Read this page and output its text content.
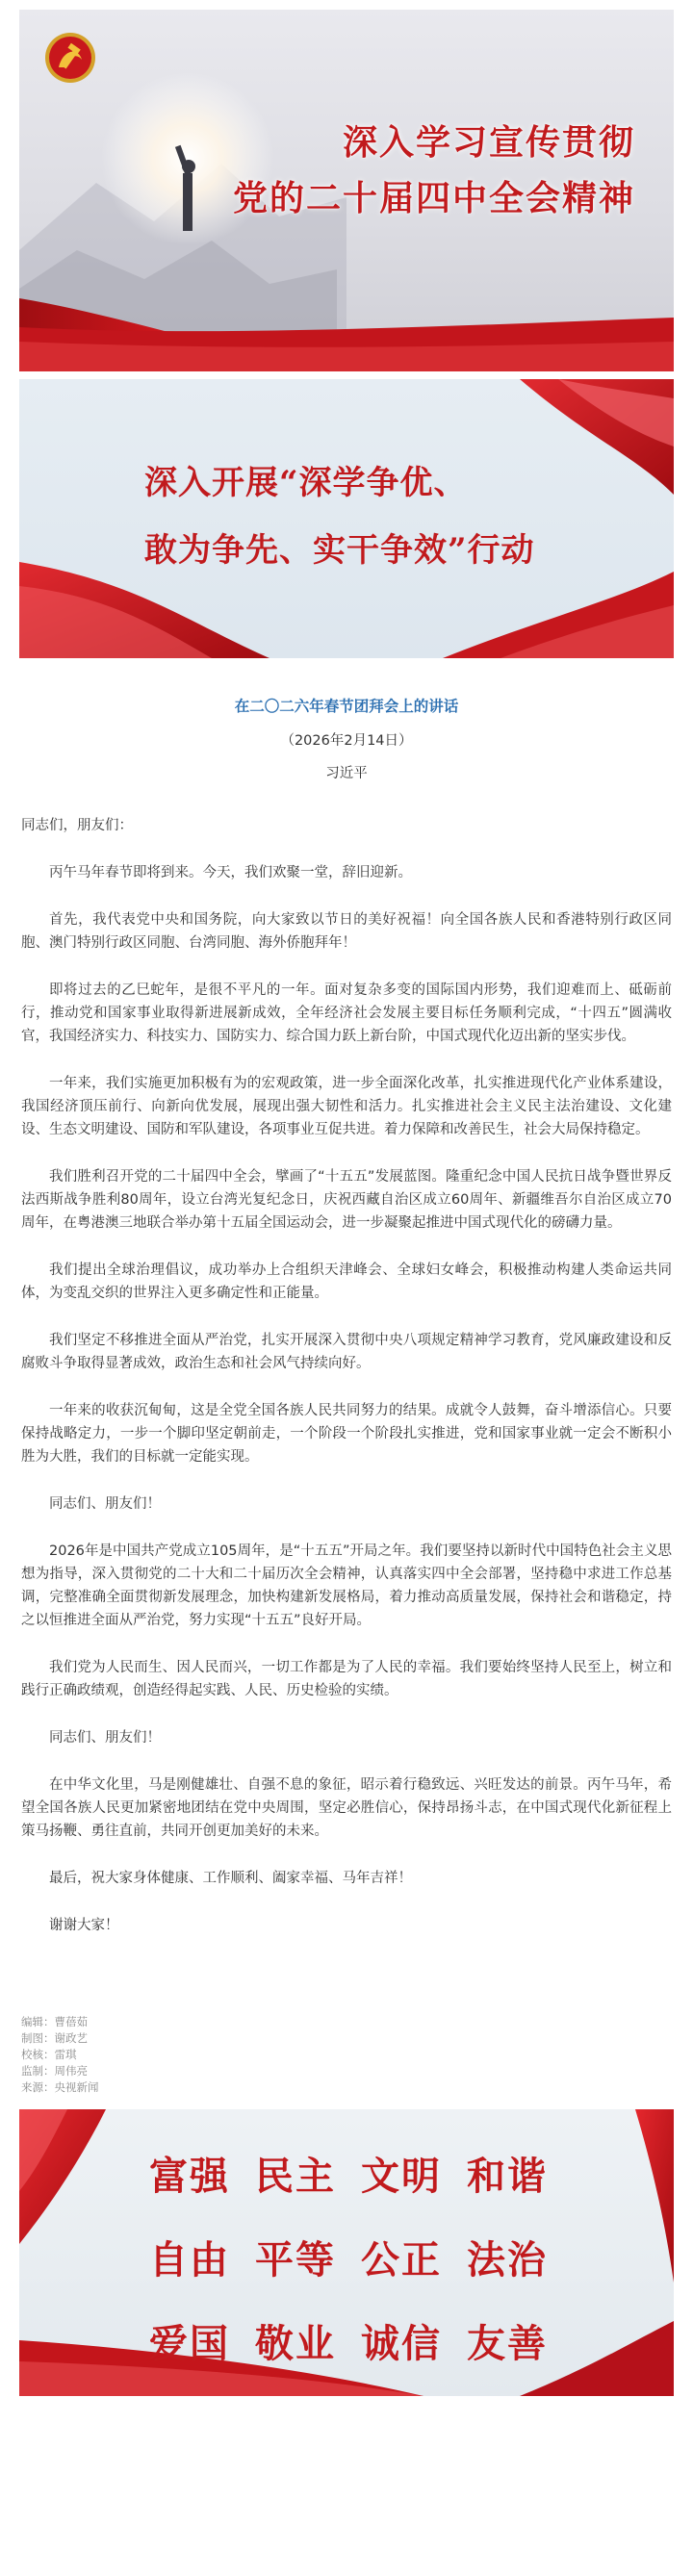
深入学习宣传贯彻
党的二十届四中全会精神
深入开展“深学争优、
敢为争先、实干争效”行动
在二〇二六年春节团拜会上的讲话
（2026年2月14日）
习近平
同志们，朋友们：
丙午马年春节即将到来。今天，我们欢聚一堂，辞旧迎新。
首先，我代表党中央和国务院，向大家致以节日的美好祝福！向全国各族人民和香港特别行政区同胞、澳门特别行政区同胞、台湾同胞、海外侨胞拜年！
即将过去的乙巳蛇年，是很不平凡的一年。面对复杂多变的国际国内形势，我们迎难而上、砥砺前行，推动党和国家事业取得新进展新成效，全年经济社会发展主要目标任务顺利完成，“十四五”圆满收官，我国经济实力、科技实力、国防实力、综合国力跃上新台阶，中国式现代化迈出新的坚实步伐。
一年来，我们实施更加积极有为的宏观政策，进一步全面深化改革，扎实推进现代化产业体系建设，我国经济顶压前行、向新向优发展，展现出强大韧性和活力。扎实推进社会主义民主法治建设、文化建设、生态文明建设、国防和军队建设，各项事业互促共进。着力保障和改善民生，社会大局保持稳定。
我们胜利召开党的二十届四中全会，擘画了“十五五”发展蓝图。隆重纪念中国人民抗日战争暨世界反法西斯战争胜利80周年，设立台湾光复纪念日，庆祝西藏自治区成立60周年、新疆维吾尔自治区成立70周年，在粤港澳三地联合举办第十五届全国运动会，进一步凝聚起推进中国式现代化的磅礴力量。
我们提出全球治理倡议，成功举办上合组织天津峰会、全球妇女峰会，积极推动构建人类命运共同体，为变乱交织的世界注入更多确定性和正能量。
我们坚定不移推进全面从严治党，扎实开展深入贯彻中央八项规定精神学习教育，党风廉政建设和反腐败斗争取得显著成效，政治生态和社会风气持续向好。
一年来的收获沉甸甸，这是全党全国各族人民共同努力的结果。成就令人鼓舞，奋斗增添信心。只要保持战略定力，一步一个脚印坚定朝前走，一个阶段一个阶段扎实推进，党和国家事业就一定会不断积小胜为大胜，我们的目标就一定能实现。
同志们、朋友们！
2026年是中国共产党成立105周年，是“十五五”开局之年。我们要坚持以新时代中国特色社会主义思想为指导，深入贯彻党的二十大和二十届历次全会精神，认真落实四中全会部署，坚持稳中求进工作总基调，完整准确全面贯彻新发展理念，加快构建新发展格局，着力推动高质量发展，保持社会和谐稳定，持之以恒推进全面从严治党，努力实现“十五五”良好开局。
我们党为人民而生、因人民而兴，一切工作都是为了人民的幸福。我们要始终坚持人民至上，树立和践行正确政绩观，创造经得起实践、人民、历史检验的实绩。
同志们、朋友们！
在中华文化里，马是刚健雄壮、自强不息的象征，昭示着行稳致远、兴旺发达的前景。丙午马年，希望全国各族人民更加紧密地团结在党中央周围，坚定必胜信心，保持昂扬斗志，在中国式现代化新征程上策马扬鞭、勇往直前，共同开创更加美好的未来。
最后，祝大家身体健康、工作顺利、阖家幸福、马年吉祥！
谢谢大家！
编辑：曹蓓茹
制图：谢政艺
校核：雷琪
监制：周伟亮
来源：央视新闻
富强 民主 文明 和谐
自由 平等 公正 法治
爱国 敬业 诚信 友善
